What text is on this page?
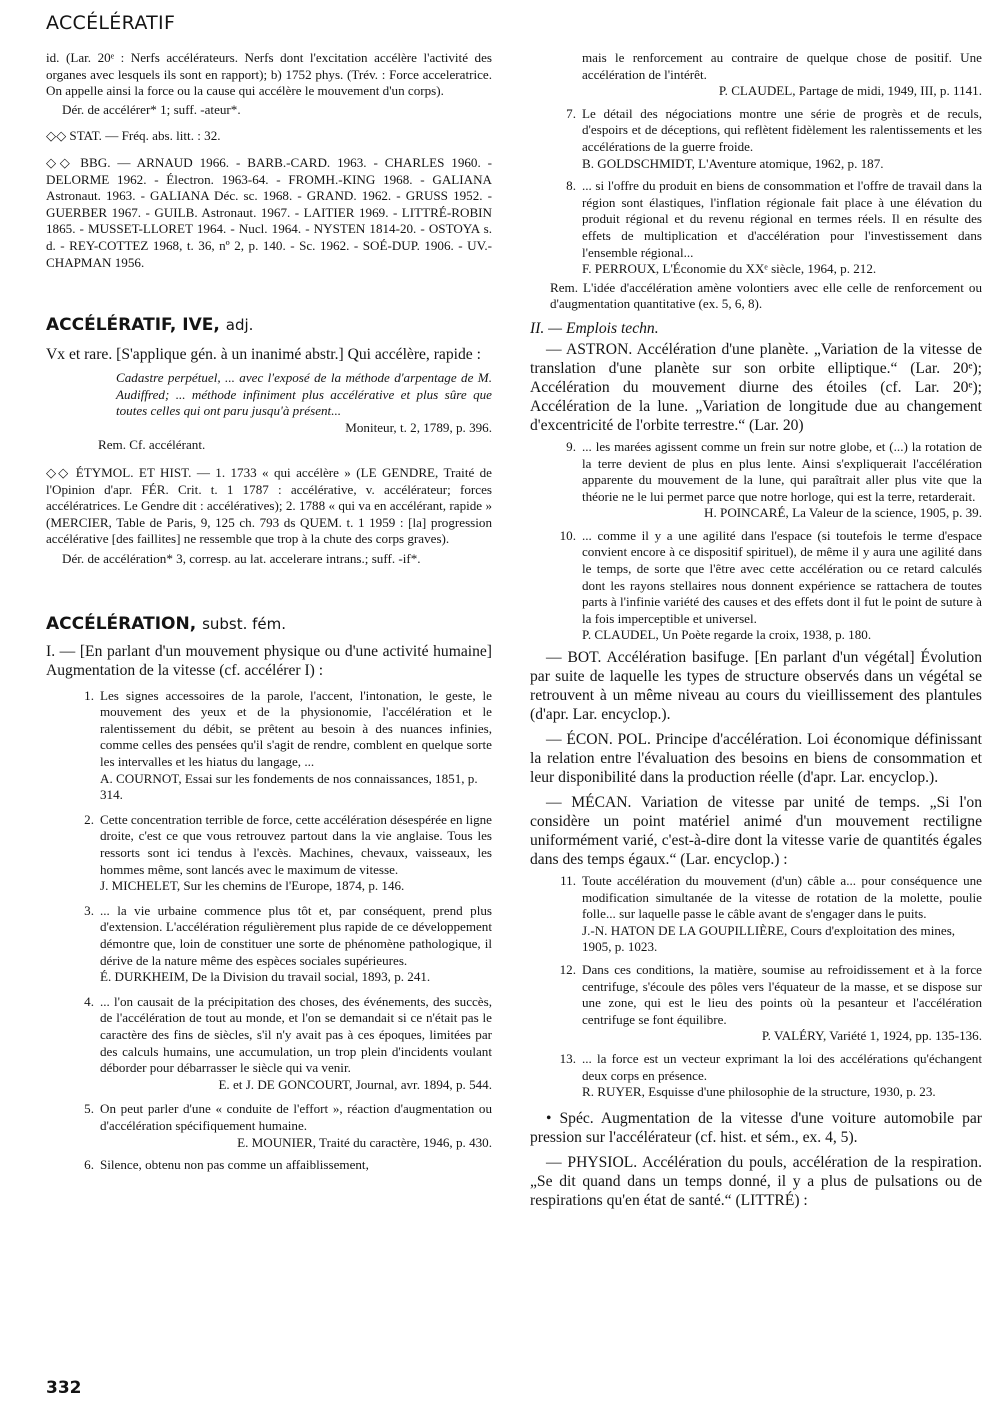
ACCÉLÉRATIF

id. (Lar. 20ᵉ : Nerfs accélérateurs. Nerfs dont l'excitation accélère l'activité des organes avec lesquels ils sont en rapport); b) 1752 phys. (Trév. : Force acceleratrice. On appelle ainsi la force ou la cause qui accélère le mouvement d'un corps).

Dér. de accélérer* 1; suff. -ateur*.

◇◇ STAT. — Fréq. abs. litt. : 32.

◇◇ BBG. — ARNAUD 1966. - BARB.-CARD. 1963. - CHARLES 1960. - DELORME 1962. - Électron. 1963-64. - FROMH.-KING 1968. - GALIANA Astronaut. 1963. - GALIANA Déc. sc. 1968. - GRAND. 1962. - GRUSS 1952. - GUERBER 1967. - GUILB. Astronaut. 1967. - LAITIER 1969. - LITTRÉ-ROBIN 1865. - MUSSET-LLORET 1964. - Nucl. 1964. - NYSTEN 1814-20. - OSTOYA s. d. - REY-COTTEZ 1968, t. 36, nº 2, p. 140. - Sc. 1962. - SOÉ-DUP. 1906. - UV.-CHAPMAN 1956.

ACCÉLÉRATIF, IVE, adj.

Vx et rare. [S'applique gén. à un inanimé abstr.] Qui accélère, rapide :

Cadastre perpétuel, ... avec l'exposé de la méthode d'arpentage de M. Audiffred; ... méthode infiniment plus accélérative et plus sûre que toutes celles qui ont paru jusqu'à présent...

Moniteur, t. 2, 1789, p. 396.

Rem. Cf. accélérant.

◇◇ ÉTYMOL. ET HIST. — 1. 1733 « qui accélère » (LE GENDRE, Traité de l'Opinion d'apr. FÉR. Crit. t. 1 1787 : accélérative, v. accélérateur; forces accélératrices. Le Gendre dit : accélératives); 2. 1788 « qui va en accélérant, rapide » (MERCIER, Table de Paris, 9, 125 ch. 793 ds QUEM. t. 1 1959 : [la] progression accélérative [des faillites] ne ressemble que trop à la chute des corps graves).

Dér. de accélération* 3, corresp. au lat. accelerare intrans.; suff. -if*.

ACCÉLÉRATION, subst. fém.

I. — [En parlant d'un mouvement physique ou d'une activité humaine] Augmentation de la vitesse (cf. accélérer I) :

1. Les signes accessoires de la parole, l'accent, l'intonation, le geste, le mouvement des yeux et de la physionomie, l'accélération et le ralentissement du débit, se prêtent au besoin à des nuances infinies, comme celles des pensées qu'il s'agit de rendre, comblent en quelque sorte les intervalles et les hiatus du langage, ...

A. COURNOT, Essai sur les fondements de nos connaissances, 1851, p. 314.

2. Cette concentration terrible de force, cette accélération désespérée en ligne droite, c'est ce que vous retrouvez partout dans la vie anglaise. Tous les ressorts sont ici tendus à l'excès. Machines, chevaux, vaisseaux, les hommes même, sont lancés avec le maximum de vitesse.

J. MICHELET, Sur les chemins de l'Europe, 1874, p. 146.

3. ... la vie urbaine commence plus tôt et, par conséquent, prend plus d'extension. L'accélération régulièrement plus rapide de ce développement démontre que, loin de constituer une sorte de phénomène pathologique, il dérive de la nature même des espèces sociales supérieures.

É. DURKHEIM, De la Division du travail social, 1893, p. 241.

4. ... l'on causait de la précipitation des choses, des événements, des succès, de l'accélération de tout au monde, et l'on se demandait si ce n'était pas le caractère des fins de siècles, s'il n'y avait pas à ces époques, limitées par des calculs humains, une accumulation, un trop plein d'incidents voulant déborder pour débarrasser le siècle qui va venir.

E. et J. DE GONCOURT, Journal, avr. 1894, p. 544.

5. On peut parler d'une « conduite de l'effort », réaction d'augmentation ou d'accélération spécifiquement humaine.

E. MOUNIER, Traité du caractère, 1946, p. 430.

6. Silence, obtenu non pas comme un affaiblissement,

mais le renforcement au contraire de quelque chose de positif. Une accélération de l'intérêt.

P. CLAUDEL, Partage de midi, 1949, III, p. 1141.

7. Le détail des négociations montre une série de progrès et de reculs, d'espoirs et de déceptions, qui reflètent fidèlement les ralentissements et les accélérations de la guerre froide.

B. GOLDSCHMIDT, L'Aventure atomique, 1962, p. 187.

8. ... si l'offre du produit en biens de consommation et l'offre de travail dans la région sont élastiques, l'inflation régionale fait place à une élévation du produit régional et du revenu régional en termes réels. Il en résulte des effets de multiplication et d'accélération pour l'investissement dans l'ensemble régional...

F. PERROUX, L'Économie du XXᵉ siècle, 1964, p. 212.

Rem. L'idée d'accélération amène volontiers avec elle celle de renforcement ou d'augmentation quantitative (ex. 5, 6, 8).

II. — Emplois techn.

— ASTRON. Accélération d'une planète. „Variation de la vitesse de translation d'une planète sur son orbite elliptique.“ (Lar. 20ᵉ); Accélération du mouvement diurne des étoiles (cf. Lar. 20ᵉ); Accélération de la lune. „Variation de longitude due au changement d'excentricité de l'orbite terrestre.“ (Lar. 20)

9. ... les marées agissent comme un frein sur notre globe, et (...) la rotation de la terre devient de plus en plus lente. Ainsi s'expliquerait l'accélération apparente du mouvement de la lune, qui paraîtrait aller plus vite que la théorie ne le lui permet parce que notre horloge, qui est la terre, retarderait.

H. POINCARÉ, La Valeur de la science, 1905, p. 39.

10. ... comme il y a une agilité dans l'espace (si toutefois le terme d'espace convient encore à ce dispositif spirituel), de même il y aura une agilité dans le temps, de sorte que l'être avec cette accélération ou ce retard calculés dont les rayons stellaires nous donnent expérience se rattachera de toutes parts à l'infinie variété des causes et des effets dont il fut le point de suture à la fois imperceptible et universel.

P. CLAUDEL, Un Poète regarde la croix, 1938, p. 180.

— BOT. Accélération basifuge. [En parlant d'un végétal] Évolution par suite de laquelle les types de structure observés dans un végétal se retrouvent à un même niveau au cours du vieillissement des plantules (d'apr. Lar. encyclop.).

— ÉCON. POL. Principe d'accélération. Loi économique définissant la relation entre l'évaluation des besoins en biens de consommation et leur disponibilité dans la production réelle (d'apr. Lar. encyclop.).

— MÉCAN. Variation de vitesse par unité de temps. „Si l'on considère un point matériel animé d'un mouvement rectiligne uniformément varié, c'est-à-dire dont la vitesse varie de quantités égales dans des temps égaux.“ (Lar. encyclop.) :

11. Toute accélération du mouvement (d'un) câble a... pour conséquence une modification simultanée de la vitesse de rotation de la molette, poulie folle... sur laquelle passe le câble avant de s'engager dans le puits.

J.-N. HATON DE LA GOUPILLIÈRE, Cours d'exploitation des mines, 1905, p. 1023.

12. Dans ces conditions, la matière, soumise au refroidissement et à la force centrifuge, s'écoule des pôles vers l'équateur de la masse, et se dispose sur une zone, qui est le lieu des points où la pesanteur et l'accélération centrifuge se font équilibre.

P. VALÉRY, Variété 1, 1924, pp. 135-136.

13. ... la force est un vecteur exprimant la loi des accélérations qu'échangent deux corps en présence.

R. RUYER, Esquisse d'une philosophie de la structure, 1930, p. 23.

• Spéc. Augmentation de la vitesse d'une voiture automobile par pression sur l'accélérateur (cf. hist. et sém., ex. 4, 5).

— PHYSIOL. Accélération du pouls, accélération de la respiration. „Se dit quand dans un temps donné, il y a plus de pulsations ou de respirations qu'en état de santé.“ (LITTRÉ) :

332
